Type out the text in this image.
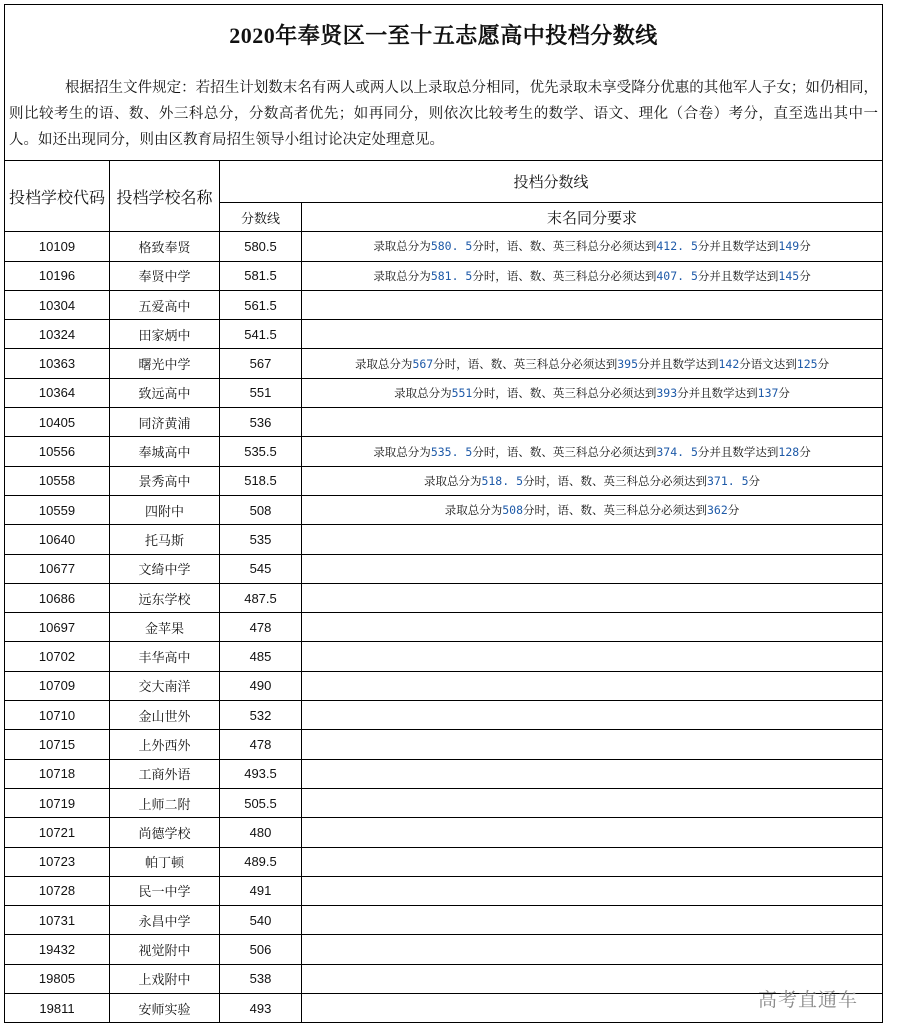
2020年奉贤区一至十五志愿高中投档分数线
根据招生文件规定：若招生计划数末名有两人或两人以上录取总分相同，优先录取未享受降分优惠的其他军人子女；如仍相同，则比较考生的语、数、外三科总分，分数高者优先；如再同分，则依次比较考生的数学、语文、理化（合卷）考分，直至选出其中一人。如还出现同分，则由区教育局招生领导小组讨论决定处理意见。
投档学校代码	投档学校名称	投档分数线	
		分数线	末名同分要求
10109	格致奉贤	580.5	录取总分为580. 5分时，语、数、英三科总分必须达到412. 5分并且数学达到149分
10196	奉贤中学	581.5	录取总分为581. 5分时，语、数、英三科总分必须达到407. 5分并且数学达到145分
10304	五爱高中	561.5	
10324	田家炳中	541.5	
10363	曙光中学	567	录取总分为567分时，语、数、英三科总分必须达到395分并且数学达到142分语文达到125分
10364	致远高中	551	录取总分为551分时，语、数、英三科总分必须达到393分并且数学达到137分
10405	同济黄浦	536	
10556	奉城高中	535.5	录取总分为535. 5分时，语、数、英三科总分必须达到374. 5分并且数学达到128分
10558	景秀高中	518.5	录取总分为518. 5分时，语、数、英三科总分必须达到371. 5分
10559	四附中	508	录取总分为508分时，语、数、英三科总分必须达到362分
10640	托马斯	535	
10677	文绮中学	545	
10686	远东学校	487.5	
10697	金苹果	478	
10702	丰华高中	485	
10709	交大南洋	490	
10710	金山世外	532	
10715	上外西外	478	
10718	工商外语	493.5	
10719	上师二附	505.5	
10721	尚德学校	480	
10723	帕丁顿	489.5	
10728	民一中学	491	
10731	永昌中学	540	
19432	视觉附中	506	
19805	上戏附中	538	
19811	安师实验	493		高考直通车
